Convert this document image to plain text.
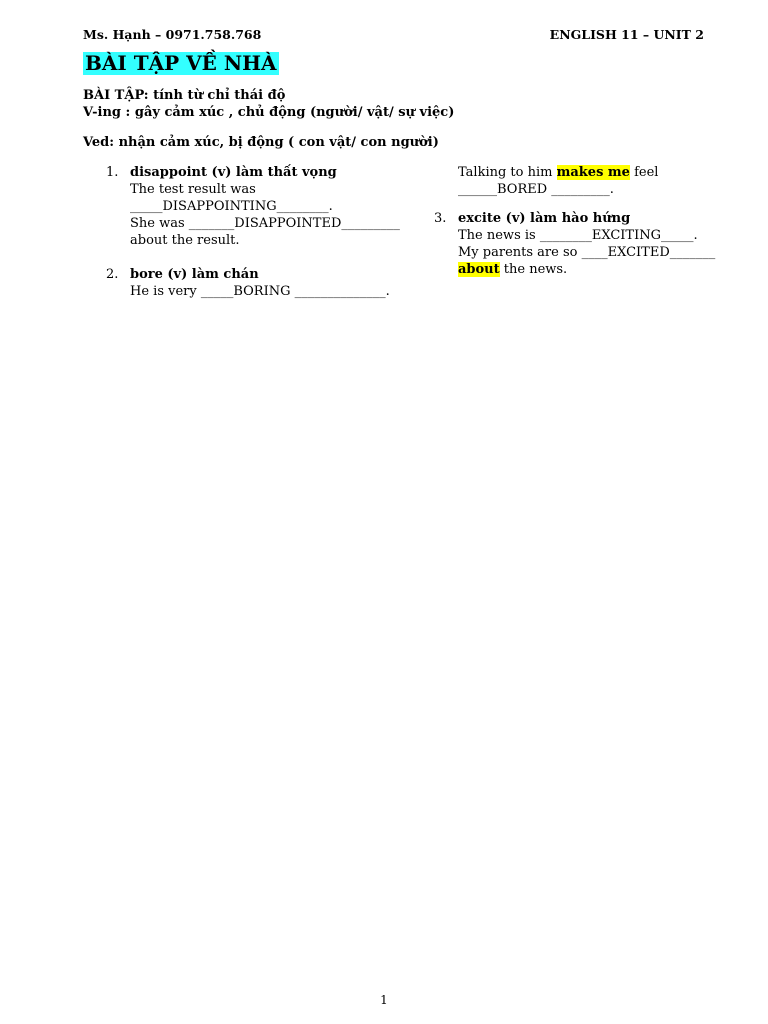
Ms. Hạnh – 0971.758.768	ENGLISH 11 – UNIT 2
BÀI TẬP VỀ NHÀ
BÀI TẬP: tính từ chỉ thái độ
V-ing : gây cảm xúc , chủ động (người/ vật/ sự việc)
Ved: nhận cảm xúc, bị động ( con vật/ con người)
1. disappoint (v) làm thất vọng
The test result was
_____DISAPPOINTING________.
She was _______DISAPPOINTED_________
about the result.
2. bore (v) làm chán
He is very _____BORING ______________.
Talking to him makes me feel
______BORED _________.
3. excite (v) làm hào hứng
The news is ________EXCITING_____.
My parents are so ____EXCITED_______
about the news.
1
